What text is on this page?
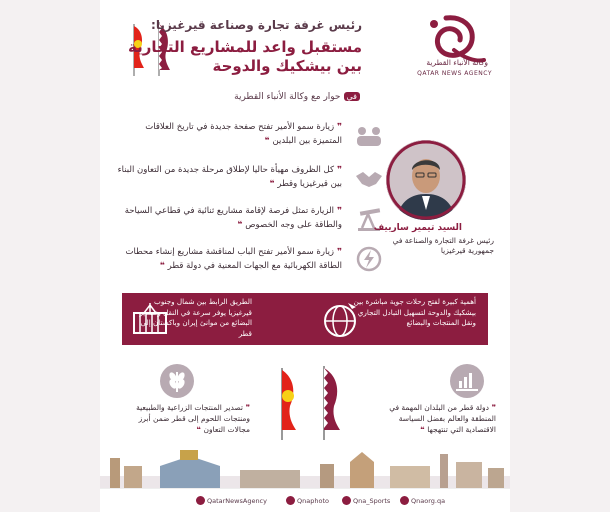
رئيس غرفة تجارة وصناعة قيرغيزيا:
مستقبل واعد للمشاريع التجارية بين بيشكيك والدوحة	وكالة الأنباء القطرية
QATAR NEWS AGENCY
فيحوار مع وكالة الأنباء القطرية
❞ زيارة سمو الأمير تفتح صفحة جديدة في تاريخ العلاقات المتميزة بين البلدين ❝
❞ كل الظروف مهيأة حاليا لإطلاق مرحلة جديدة من التعاون البناء بين قيرغيزيا وقطر ❝
❞ الزيارة تمثل فرصة لإقامة مشاريع ثنائية في قطاعي السياحة والطاقة على وجه الخصوص ❝
❞ زيارة سمو الأمير تفتح الباب لمناقشة مشاريع إنشاء محطات الطاقة الكهربائية مع الجهات المعنية في دولة قطر ❝
السيد تيمير سارييف
رئيس غرفة التجارة والصناعة في جمهورية قيرغيزيا
أهمية كبيرة لفتح رحلات جوية مباشرة بين بيشكيك والدوحة لتسهيل التبادل التجاري ونقل المنتجات والبضائع
الطريق الرابط بين شمال وجنوب قيرغيزيا يوفر سرعة في النقل وتصدير البضائع من موانئ إيران وباكستان إلى قطر
❞ دولة قطر من البلدان المهمة في المنطقة والعالم بفضل السياسة الاقتصادية التي تنتهجها ❝
❞ تصدير المنتجات الزراعية والطبيعية ومنتجات اللحوم إلى قطر ضمن أبرز مجالات التعاون ❝
QatarNewsAgency	Qnaphoto	Qna_Sports	Qnaorg.qa
